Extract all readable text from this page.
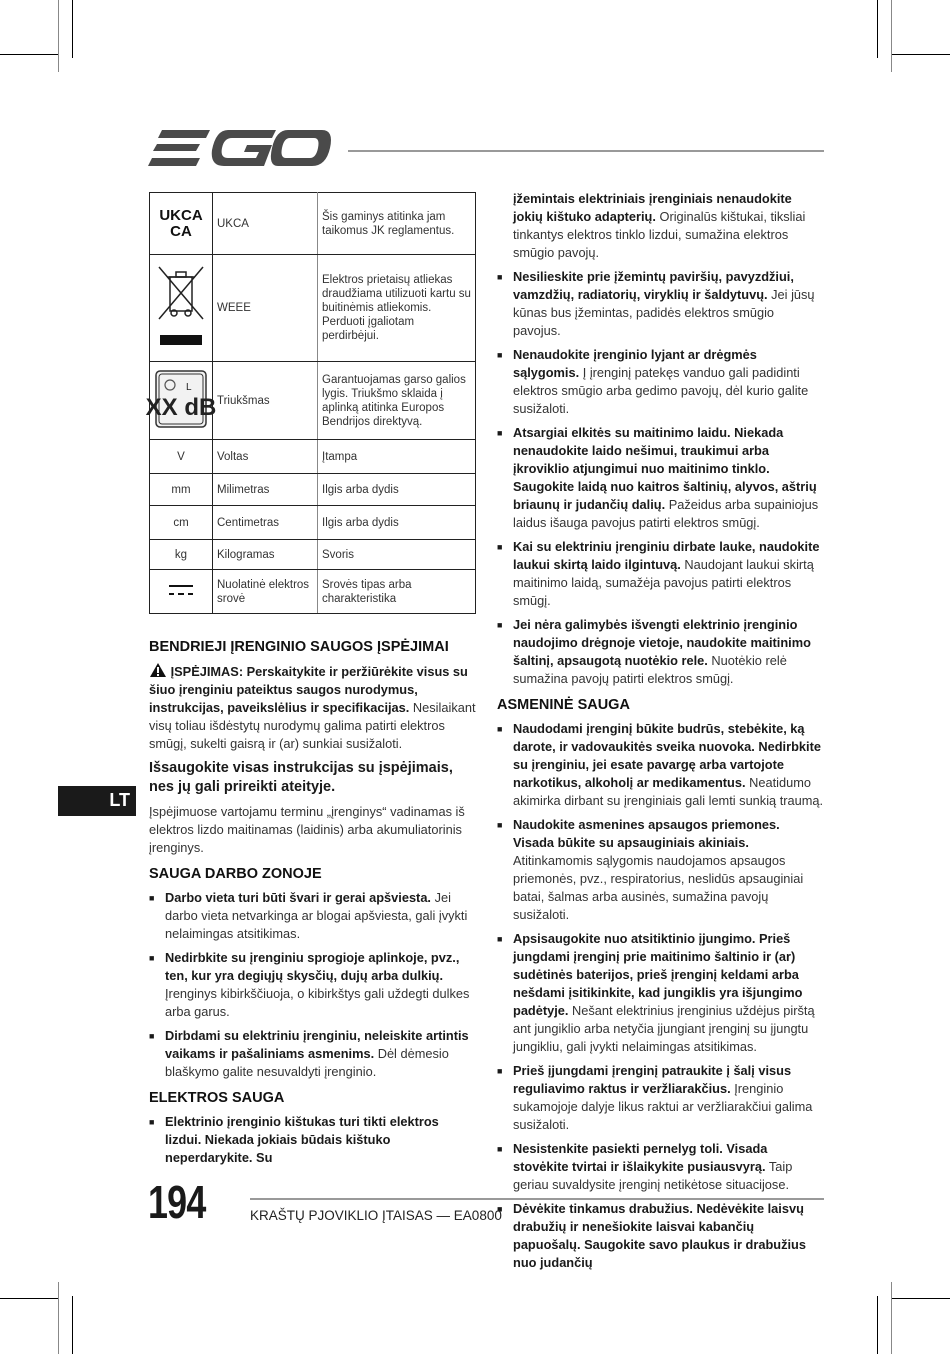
UKCA
CA	UKCA	Šis gaminys atitinka jam taikomus JK reglamentus.
	WEEE	Elektros prietaisų atliekas draudžiama utilizuoti kartu su buitinėmis atliekomis. Perduoti įgaliotam perdirbėjui.

L
XX dB	Triukšmas	Garantuojamas garso galios lygis. Triukšmo sklaida į aplinką atitinka Europos Bendrijos direktyvą.
V	Voltas	Įtampa
mm	Milimetras	Ilgis arba dydis
cm	Centimetras	Ilgis arba dydis
kg	Kilogramas	Svoris
	Nuolatinė elektros srovė	Srovės tipas arba charakteristika
BENDRIEJI ĮRENGINIO SAUGOS ĮSPĖJIMAI

ĮSPĖJIMAS: Perskaitykite ir peržiūrėkite visus su šiuo įrenginiu pateiktus saugos nurodymus, instrukcijas, paveikslėlius ir specifikacijas. Nesilaikant visų toliau išdėstytų nurodymų galima patirti elektros smūgį, sukelti gaisrą ir (ar) sunkiai susižaloti.

Išsaugokite visas instrukcijas su įspėjimais, nes jų gali prireikti ateityje.

Įspėjimuose vartojamu terminu „įrenginys“ vadinamas iš elektros lizdo maitinamas (laidinis) arba akumuliatorinis įrenginys.

SAUGA DARBO ZONOJE
■ Darbo vieta turi būti švari ir gerai apšviesta. Jei darbo vieta netvarkinga ar blogai apšviesta, gali įvykti nelaimingas atsitikimas.
■ Nedirbkite su įrenginiu sprogioje aplinkoje, pvz., ten, kur yra degiųjų skysčių, dujų arba dulkių. Įrenginys kibirkščiuoja, o kibirkštys gali uždegti dulkes arba garus.
■ Dirbdami su elektriniu įrenginiu, neleiskite artintis vaikams ir pašaliniams asmenims. Dėl dėmesio blaškymo galite nesuvaldyti įrenginio.
ELEKTROS SAUGA
■ Elektrinio įrenginio kištukas turi tikti elektros lizdui. Niekada jokiais būdais kištuko neperdarykite. Su

įžemintais elektriniais įrenginiais nenaudokite jokių kištuko adapterių. Originalūs kištukai, tiksliai tinkantys elektros tinklo lizdui, sumažina elektros smūgio pavojų.

■ Nesilieskite prie įžemintų paviršių, pavyzdžiui, vamzdžių, radiatorių, viryklių ir šaldytuvų. Jei jūsų kūnas bus įžemintas, padidės elektros smūgio pavojus.
■ Nenaudokite įrenginio lyjant ar drėgmės sąlygomis. Į įrenginį patekęs vanduo gali padidinti elektros smūgio arba gedimo pavojų, dėl kurio galite susižaloti.
■ Atsargiai elkitės su maitinimo laidu. Niekada nenaudokite laido nešimui, traukimui arba įkroviklio atjungimui nuo maitinimo tinklo. Saugokite laidą nuo kaitros šaltinių, alyvos, aštrių briaunų ir judančių dalių. Pažeidus arba supainiojus laidus išauga pavojus patirti elektros smūgį.
■ Kai su elektriniu įrenginiu dirbate lauke, naudokite laukui skirtą laido ilgintuvą. Naudojant laukui skirtą maitinimo laidą, sumažėja pavojus patirti elektros smūgį.
■ Jei nėra galimybės išvengti elektrinio įrenginio naudojimo drėgnoje vietoje, naudokite maitinimo šaltinį, apsaugotą nuotėkio rele. Nuotėkio relė sumažina pavojų patirti elektros smūgį.
ASMENINĖ SAUGA
■ Naudodami įrenginį būkite budrūs, stebėkite, ką darote, ir vadovaukitės sveika nuovoka. Nedirbkite su įrenginiu, jei esate pavargę arba vartojote narkotikus, alkoholį ar medikamentus. Neatidumo akimirka dirbant su įrenginiais gali lemti sunkią traumą.
■ Naudokite asmenines apsaugos priemones. Visada būkite su apsauginiais akiniais. Atitinkamomis sąlygomis naudojamos apsaugos priemonės, pvz., respiratorius, neslidūs apsauginiai batai, šalmas arba ausinės, sumažina pavojų susižaloti.
■ Apsisaugokite nuo atsitiktinio įjungimo. Prieš jungdami įrenginį prie maitinimo šaltinio ir (ar) sudėtinės baterijos, prieš įrenginį keldami arba nešdami įsitikinkite, kad jungiklis yra išjungimo padėtyje. Nešant elektrinius įrenginius uždėjus pirštą ant jungiklio arba netyčia įjungiant įrenginį su įjungtu jungikliu, gali įvykti nelaimingas atsitikimas.
■ Prieš įjungdami įrenginį patraukite į šalį visus reguliavimo raktus ir veržliarakčius. Įrenginio sukamojoje dalyje likus raktui ar veržliarakčiui galima susižaloti.
■ Nesistenkite pasiekti pernelyg toli. Visada stovėkite tvirtai ir išlaikykite pusiausvyrą. Taip geriau suvaldysite įrenginį netikėtose situacijose.
■ Dėvėkite tinkamus drabužius. Nedėvėkite laisvų drabužių ir nenešiokite laisvai kabančių papuošalų. Saugokite savo plaukus ir drabužius nuo judančių
LT
194	KRAŠTŲ PJOVIKLIO ĮTAISAS — EA0800
